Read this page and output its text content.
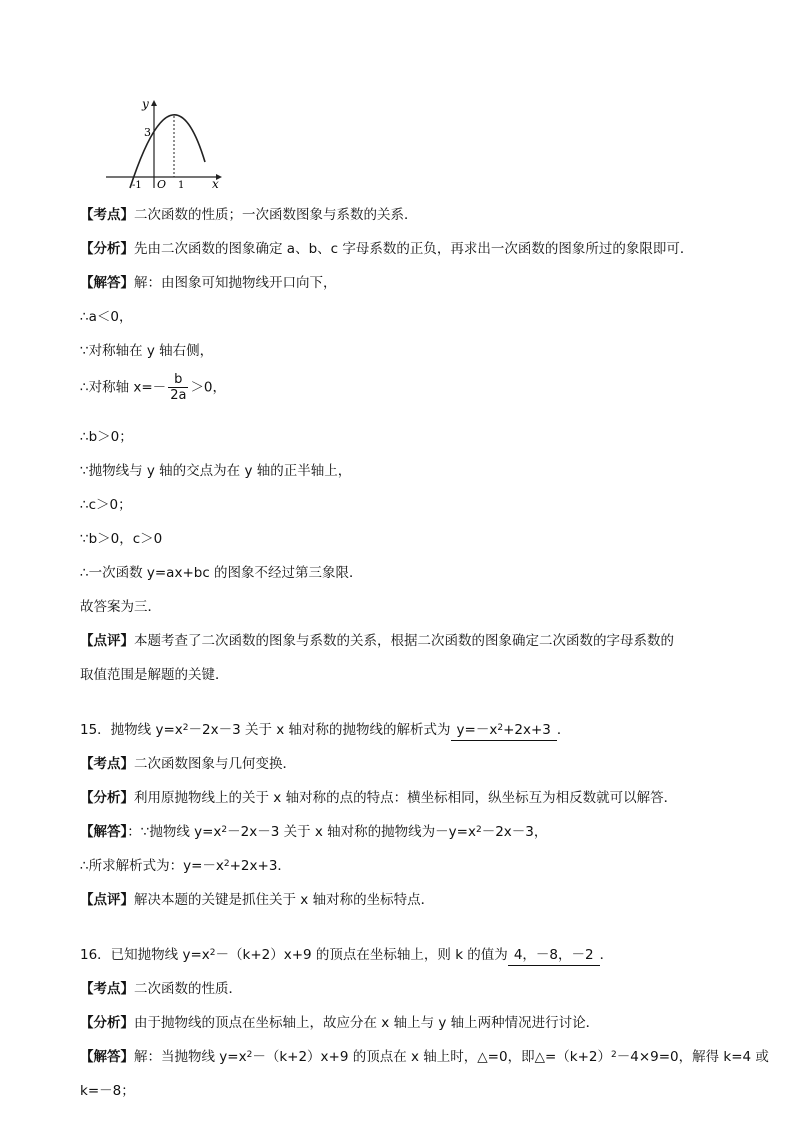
y
x
O
3
-1	1
【考点】二次函数的性质；一次函数图象与系数的关系．
【分析】先由二次函数的图象确定 a、b、c 字母系数的正负，再求出一次函数的图象所过的象限即可．
【解答】解：由图象可知抛物线开口向下，
∴a＜0，
∵对称轴在 y 轴右侧，
∴对称轴 $x=- \frac{b}{2a} >0$，
∴b＞0；
∵抛物线与 y 轴的交点为在 y 轴的正半轴上，
∴c＞0；
∵b＞0，c＞0
∴一次函数 y=ax+bc 的图象不经过第三象限．
故答案为三．
【点评】本题考查了二次函数的图象与系数的关系，根据二次函数的图象确定二次函数的字母系数的
取值范围是解题的关键．
15．抛物线 $y=x^2-2x-3$ 关于 x 轴对称的抛物线的解析式为 $y=-x^2+2x+3$ ．
【考点】二次函数图象与几何变换．
【分析】利用原抛物线上的关于 x 轴对称的点的特点：横坐标相同，纵坐标互为相反数就可以解答．
【解答】：∵抛物线 $y=x^2-2x-3$ 关于 x 轴对称的抛物线为$-y=x^2-2x-3$，
∴所求解析式为：$y=-x^2+2x+3$．
【点评】解决本题的关键是抓住关于 x 轴对称的坐标特点．
16．已知抛物线 $y=x^2-(k+2)x+9$ 的顶点在坐标轴上，则 k 的值为 4，－8，－2 ．
【考点】二次函数的性质．
【分析】由于抛物线的顶点在坐标轴上，故应分在 x 轴上与 y 轴上两种情况进行讨论．
【解答】解：当抛物线 $y=x^2-(k+2)x+9$ 的顶点在 x 轴上时，△=0，即$\triangle=(k+2)^2-4\times 9=0$，解得 k=4 或
k=－8；
